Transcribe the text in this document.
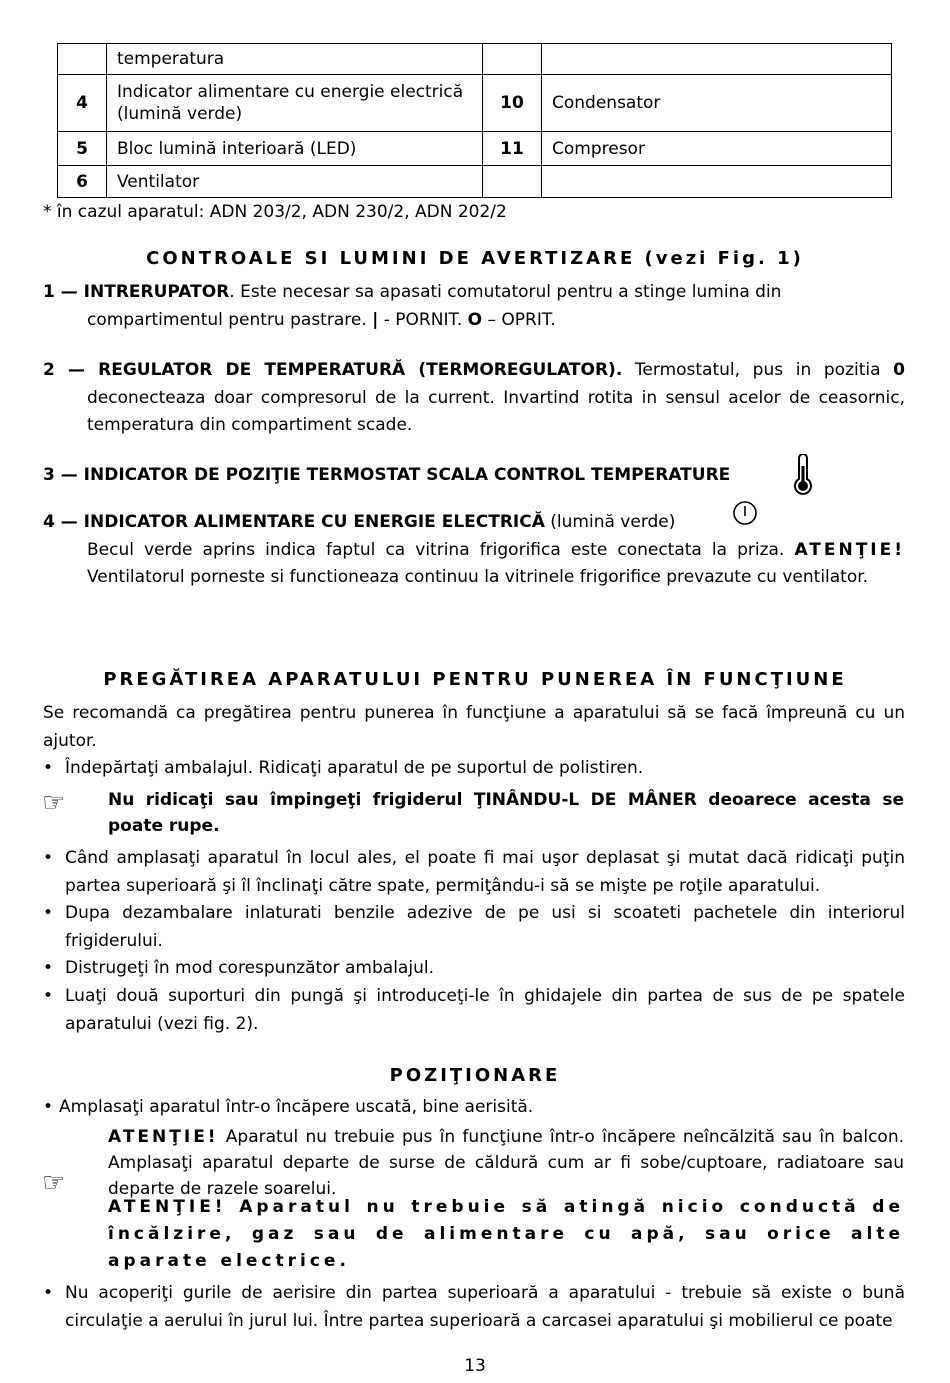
	temperatura		
4	Indicator alimentare cu energie electrică (lumină verde)	10	Condensator
5	Bloc lumină interioară (LED)	11	Compresor
6	Ventilator		
* în cazul aparatul: ADN 203/2, ADN 230/2, ADN 202/2
CONTROALE SI LUMINI DE AVERTIZARE (vezi Fig. 1)
1 — INTRERUPATOR. Este necesar sa apasati comutatorul pentru a stinge lumina din compartimentul pentru pastrare. | - PORNIT. O – OPRIT.
2 — REGULATOR DE TEMPERATURĂ (TERMOREGULATOR). Termostatul, pus in pozitia 0 deconecteaza doar compresorul de la current. Invartind rotita in sensul acelor de ceasornic, temperatura din compartiment scade.
3 — INDICATOR DE POZIŢIE TERMOSTAT SCALA CONTROL TEMPERATURE
4 — INDICATOR ALIMENTARE CU ENERGIE ELECTRICĂ (lumină verde)
Becul verde aprins indica faptul ca vitrina frigorifica este conectata la priza. ATENŢIE! Ventilatorul porneste si functioneaza continuu la vitrinele frigorifice prevazute cu ventilator.
PREGĂTIREA APARATULUI PENTRU PUNEREA ÎN FUNCŢIUNE
Se recomandă ca pregătirea pentru punerea în funcţiune a aparatului să se facă împreună cu un ajutor.
• Îndepărtaţi ambalajul. Ridicaţi aparatul de pe suportul de polistiren.
☞	Nu ridicaţi sau împingeţi frigiderul ŢINÂNDU-L DE MÂNER deoarece acesta se poate rupe.
• Când amplasaţi aparatul în locul ales, el poate fi mai uşor deplasat şi mutat dacă ridicaţi puţin partea superioară şi îl înclinaţi către spate, permiţându-i să se mişte pe roţile aparatului.
• Dupa dezambalare inlaturati benzile adezive de pe usi si scoateti pachetele din interiorul frigiderului.
• Distrugeţi în mod corespunzător ambalajul.
• Luaţi două suporturi din pungă şi introduceţi-le în ghidajele din partea de sus de pe spatele aparatului (vezi fig. 2).
POZIŢIONARE
• Amplasaţi aparatul într-o încăpere uscată, bine aerisită.
☞
ATENŢIE! Aparatul nu trebuie pus în funcţiune într-o încăpere neîncălzită sau în balcon. Amplasaţi aparatul departe de surse de căldură cum ar fi sobe/cuptoare, radiatoare sau departe de razele soarelui.
ATENŢIE! Aparatul nu trebuie să atingă nicio conductă de încălzire, gaz sau de alimentare cu apă, sau orice alte aparate electrice.
• Nu acoperiţi gurile de aerisire din partea superioară a aparatului - trebuie să existe o bună circulaţie a aerului în jurul lui. Între partea superioară a carcasei aparatului şi mobilierul ce poate
13
